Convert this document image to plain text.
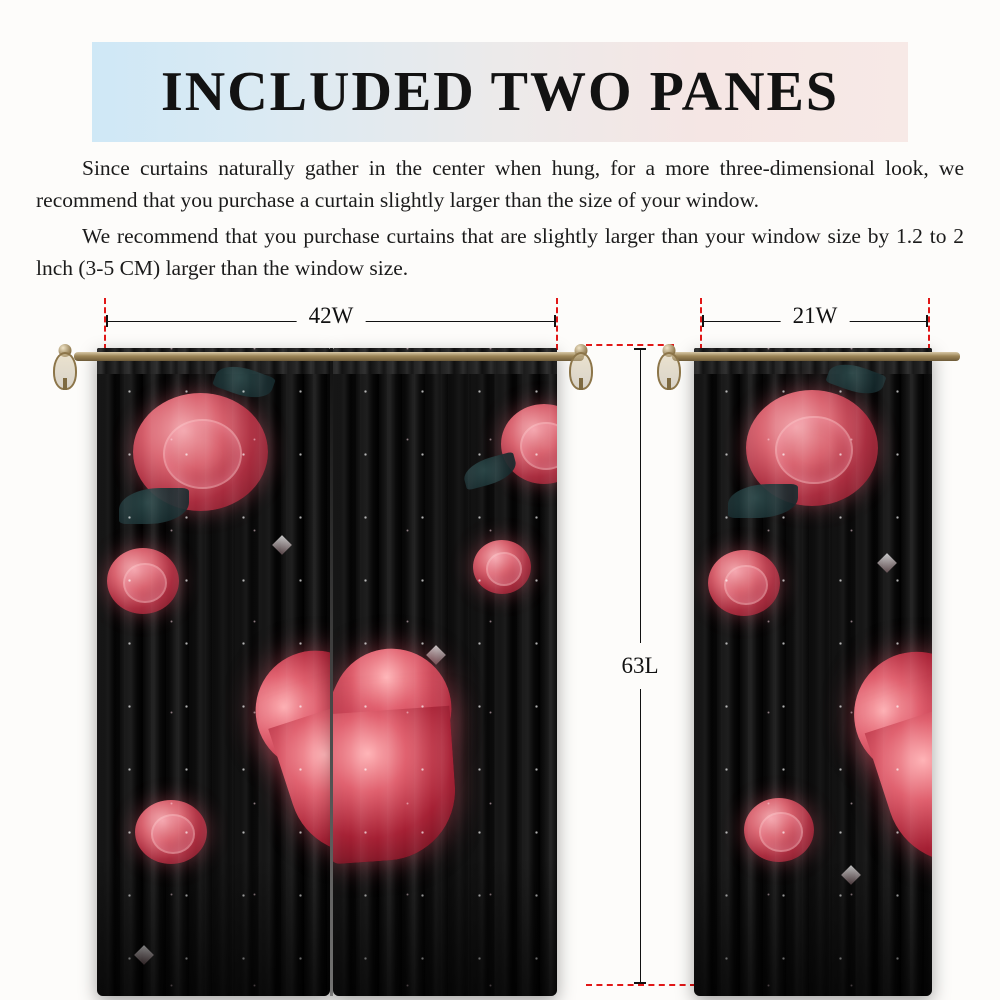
INCLUDED TWO PANES

Since curtains naturally gather in the center when hung, for a more three-dimensional look, we recommend that you purchase a curtain slightly larger than the size of your window.

We recommend that you purchase curtains that are slightly larger than your window size by 1.2 to 2 lnch (3-5 CM) larger than the window size.

42W	21W
63L
